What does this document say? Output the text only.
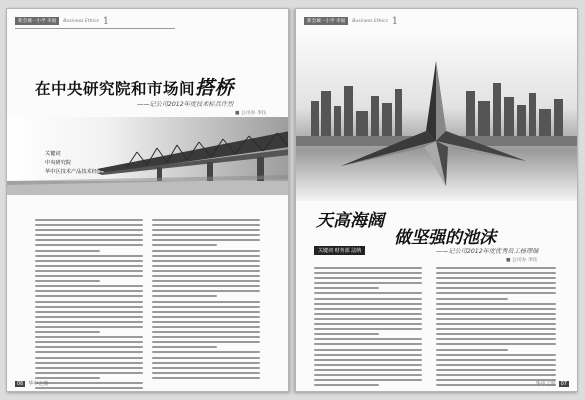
新会城一小学 幸福	Business Ethics 1
在中央研究院和市场间搭桥
——记公司2012年度技术标兵许烈
■ 公司办 李珏
关键词
中央研究院
华中区技术产品技术经理
06	华中之窗
新会城一小学 幸福	Business Ethics 1
天高海阔
做坚强的池沫
关键词 财务部 法纳	——记公司2012年度优秀员工杨璆瑞
■ 公司办 李珏
华中之窗	07
